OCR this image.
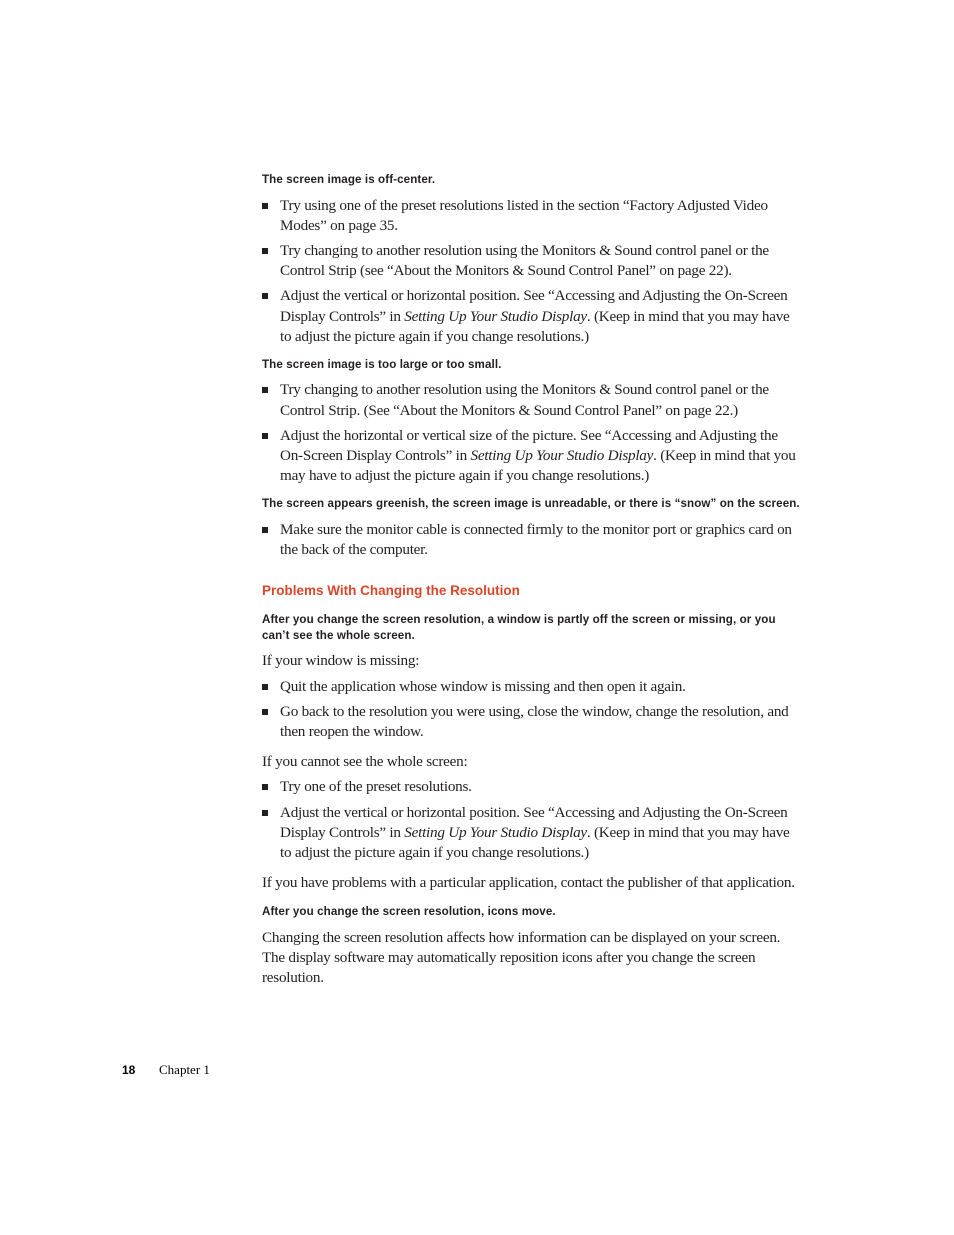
The screen image is off-center.
Try using one of the preset resolutions listed in the section “Factory Adjusted Video Modes” on page 35.
Try changing to another resolution using the Monitors & Sound control panel or the Control Strip (see “About the Monitors & Sound Control Panel” on page 22).
Adjust the vertical or horizontal position. See “Accessing and Adjusting the On-Screen Display Controls” in Setting Up Your Studio Display. (Keep in mind that you may have to adjust the picture again if you change resolutions.)
The screen image is too large or too small.
Try changing to another resolution using the Monitors & Sound control panel or the Control Strip. (See “About the Monitors & Sound Control Panel” on page 22.)
Adjust the horizontal or vertical size of the picture. See “Accessing and Adjusting the On-Screen Display Controls” in Setting Up Your Studio Display. (Keep in mind that you may have to adjust the picture again if you change resolutions.)
The screen appears greenish, the screen image is unreadable, or there is “snow” on the screen.
Make sure the monitor cable is connected firmly to the monitor port or graphics card on the back of the computer.
Problems With Changing the Resolution
After you change the screen resolution, a window is partly off the screen or missing, or you can’t see the whole screen.

If your window is missing:

Quit the application whose window is missing and then open it again.
Go back to the resolution you were using, close the window, change the resolution, and then reopen the window.

If you cannot see the whole screen:

Try one of the preset resolutions.
Adjust the vertical or horizontal position. See “Accessing and Adjusting the On-Screen Display Controls” in Setting Up Your Studio Display. (Keep in mind that you may have to adjust the picture again if you change resolutions.)

If you have problems with a particular application, contact the publisher of that application.

After you change the screen resolution, icons move.

Changing the screen resolution affects how information can be displayed on your screen. The display software may automatically reposition icons after you change the screen resolution.

18 Chapter 1
